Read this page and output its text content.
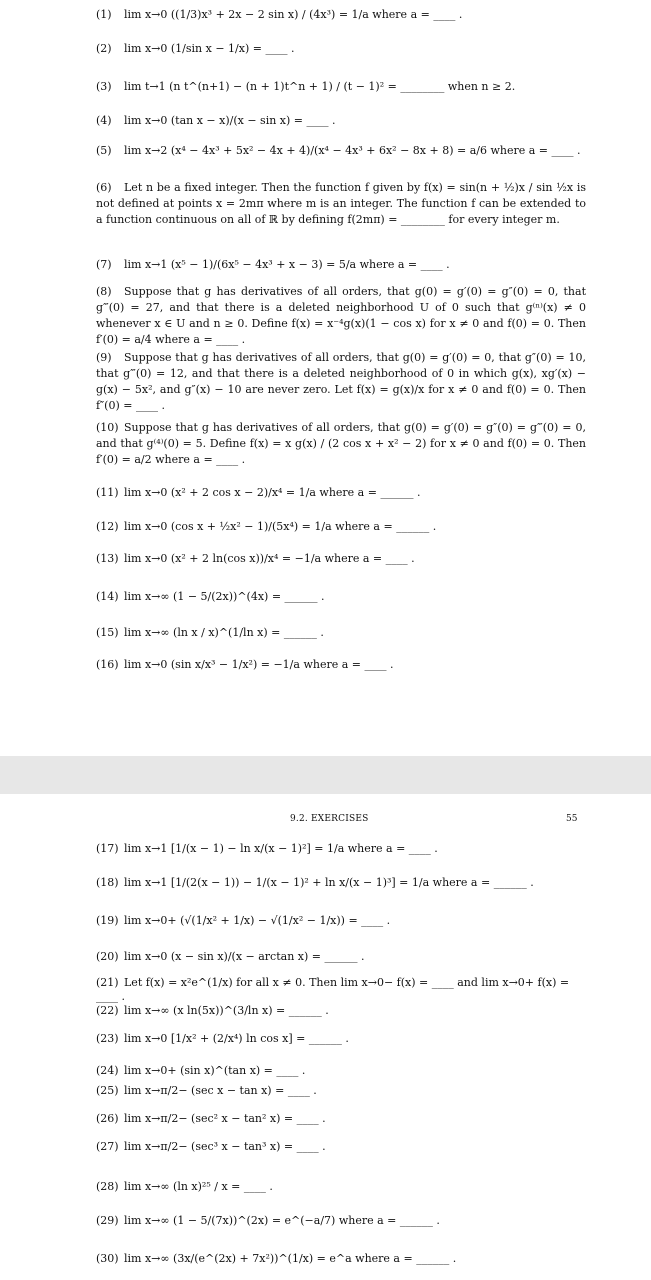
(1) lim x→0 ((1/3)x³ + 2x − 2 sin x) / (4x³) = 1/a where a = ____ .
(2) lim x→0 (1/sin x − 1/x) = ____ .
(3) lim t→1 (n t^(n+1) − (n + 1)t^n + 1) / (t − 1)² = ________ when n ≥ 2.
(4) lim x→0 (tan x − x)/(x − sin x) = ____ .
(5) lim x→2 (x⁴ − 4x³ + 5x² − 4x + 4)/(x⁴ − 4x³ + 6x² − 8x + 8) = a/6 where a = ____ .
(6) Let n be a fixed integer. Then the function f given by f(x) = sin(n + ½)x / sin ½x is not defined at points x = 2mπ where m is an integer. The function f can be extended to a function continuous on all of ℝ by defining f(2mπ) = ________ for every integer m.
(7) lim x→1 (x⁵ − 1)/(6x⁵ − 4x³ + x − 3) = 5/a where a = ____ .
(8) Suppose that g has derivatives of all orders, that g(0) = g′(0) = g″(0) = 0, that g‴(0) = 27, and that there is a deleted neighborhood U of 0 such that g⁽ⁿ⁾(x) ≠ 0 whenever x ∈ U and n ≥ 0. Define f(x) = x⁻⁴g(x)(1 − cos x) for x ≠ 0 and f(0) = 0. Then f′(0) = a/4 where a = ____ .
(9) Suppose that g has derivatives of all orders, that g(0) = g′(0) = 0, that g″(0) = 10, that g‴(0) = 12, and that there is a deleted neighborhood of 0 in which g(x), xg′(x) − g(x) − 5x², and g″(x) − 10 are never zero. Let f(x) = g(x)/x for x ≠ 0 and f(0) = 0. Then f″(0) = ____ .
(10) Suppose that g has derivatives of all orders, that g(0) = g′(0) = g″(0) = g‴(0) = 0, and that g⁽⁴⁾(0) = 5. Define f(x) = x g(x) / (2 cos x + x² − 2) for x ≠ 0 and f(0) = 0. Then f′(0) = a/2 where a = ____ .
(11) lim x→0 (x² + 2 cos x − 2)/x⁴ = 1/a where a = ______ .
(12) lim x→0 (cos x + ½x² − 1)/(5x⁴) = 1/a where a = ______ .
(13) lim x→0 (x² + 2 ln(cos x))/x⁴ = −1/a where a = ____ .
(14) lim x→∞ (1 − 5/(2x))^(4x) = ______ .
(15) lim x→∞ (ln x / x)^(1/ln x) = ______ .
(16) lim x→0 (sin x/x³ − 1/x²) = −1/a where a = ____ .
9.2. EXERCISES	55
(17) lim x→1 [1/(x − 1) − ln x/(x − 1)²] = 1/a where a = ____ .
(18) lim x→1 [1/(2(x − 1)) − 1/(x − 1)² + ln x/(x − 1)³] = 1/a where a = ______ .
(19) lim x→0+ (√(1/x² + 1/x) − √(1/x² − 1/x)) = ____ .
(20) lim x→0 (x − sin x)/(x − arctan x) = ______ .
(21) Let f(x) = x²e^(1/x) for all x ≠ 0. Then lim x→0− f(x) = ____ and lim x→0+ f(x) = ____ .
(22) lim x→∞ (x ln(5x))^(3/ln x) = ______ .
(23) lim x→0 [1/x² + (2/x⁴) ln cos x] = ______ .
(24) lim x→0+ (sin x)^(tan x) = ____ .
(25) lim x→π/2− (sec x − tan x) = ____ .
(26) lim x→π/2− (sec² x − tan² x) = ____ .
(27) lim x→π/2− (sec³ x − tan³ x) = ____ .
(28) lim x→∞ (ln x)²⁵ / x = ____ .
(29) lim x→∞ (1 − 5/(7x))^(2x) = e^(−a/7) where a = ______ .
(30) lim x→∞ (3x/(e^(2x) + 7x²))^(1/x) = e^a where a = ______ .
